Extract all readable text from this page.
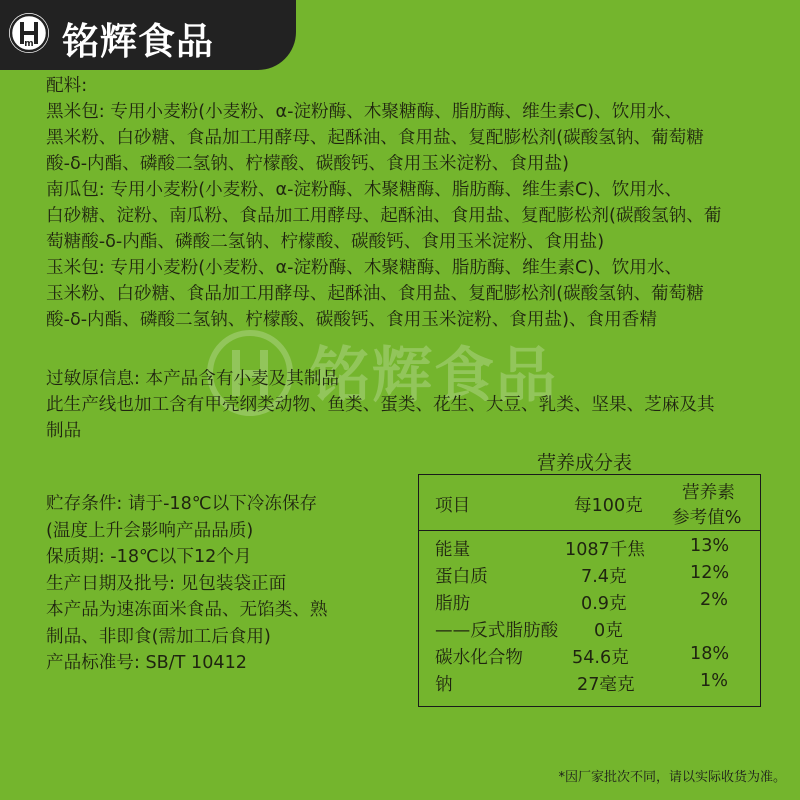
m 铭辉食品
铭辉食品
配料:
黑米包: 专用小麦粉(小麦粉、α-淀粉酶、木聚糖酶、脂肪酶、维生素C)、饮用水、
黑米粉、白砂糖、食品加工用酵母、起酥油、食用盐、复配膨松剂(碳酸氢钠、葡萄糖
酸-δ-内酯、磷酸二氢钠、柠檬酸、碳酸钙、食用玉米淀粉、食用盐)
南瓜包: 专用小麦粉(小麦粉、α-淀粉酶、木聚糖酶、脂肪酶、维生素C)、饮用水、
白砂糖、淀粉、南瓜粉、食品加工用酵母、起酥油、食用盐、复配膨松剂(碳酸氢钠、葡
萄糖酸-δ-内酯、磷酸二氢钠、柠檬酸、碳酸钙、食用玉米淀粉、食用盐)
玉米包: 专用小麦粉(小麦粉、α-淀粉酶、木聚糖酶、脂肪酶、维生素C)、饮用水、
玉米粉、白砂糖、食品加工用酵母、起酥油、食用盐、复配膨松剂(碳酸氢钠、葡萄糖
酸-δ-内酯、磷酸二氢钠、柠檬酸、碳酸钙、食用玉米淀粉、食用盐)、食用香精
过敏原信息: 本产品含有小麦及其制品
此生产线也加工含有甲壳纲类动物、鱼类、蛋类、花生、大豆、乳类、坚果、芝麻及其
制品
贮存条件: 请于-18℃以下冷冻保存
(温度上升会影响产品品质)
保质期: -18℃以下12个月
生产日期及批号: 见包装袋正面
本产品为速冻面米食品、无馅类、熟
制品、非即食(需加工后食用)
产品标准号: SB/T 10412
营养成分表
项目	每100克
营养素
参考值%
能量	1087千焦	13%
蛋白质	7.4克	12%
脂肪	0.9克	2%
——反式脂肪酸 0克
碳水化合物	54.6克	18%
钠	27毫克	1%
*因厂家批次不同，请以实际收货为准。
